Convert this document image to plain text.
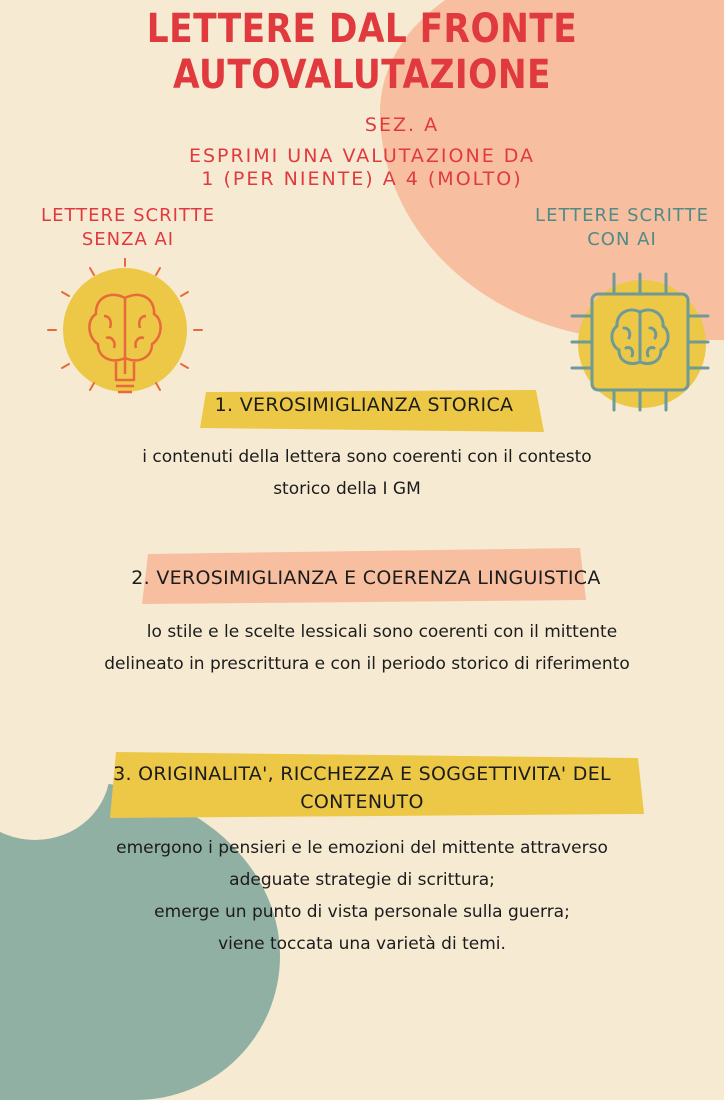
LETTERE DAL FRONTE
AUTOVALUTAZIONE
SEZ. A
ESPRIMI UNA VALUTAZIONE DA
1 (PER NIENTE) A 4 (MOLTO)
LETTERE SCRITTE
SENZA AI
LETTERE SCRITTE
CON AI
1. VEROSIMIGLIANZA STORICA
i contenuti della lettera sono coerenti con il contesto
storico della I GM
2. VEROSIMIGLIANZA E COERENZA LINGUISTICA
lo stile e le scelte lessicali sono coerenti con il mittente
delineato in prescrittura e con il periodo storico di riferimento
3. ORIGINALITA', RICCHEZZA E SOGGETTIVITA' DEL
CONTENUTO
emergono i pensieri e le emozioni del mittente attraverso
adeguate strategie di scrittura;
emerge un punto di vista personale sulla guerra;
viene toccata una varietà di temi.
